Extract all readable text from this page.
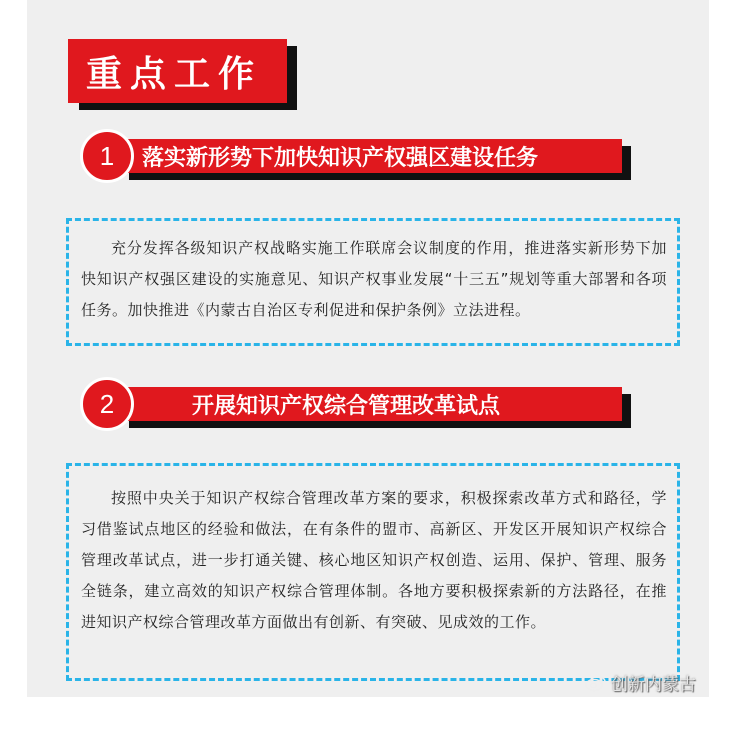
重点工作
落实新形势下加快知识产权强区建设任务
1

充分发挥各级知识产权战略实施工作联席会议制度的作用，推进落实新形势下加快知识产权强区建设的实施意见、知识产权事业发展“十三五”规划等重大部署和各项任务。加快推进《内蒙古自治区专利促进和保护条例》立法进程。

开展知识产权综合管理改革试点
2

按照中央关于知识产权综合管理改革方案的要求，积极探索改革方式和路径，学习借鉴试点地区的经验和做法，在有条件的盟市、高新区、开发区开展知识产权综合管理改革试点，进一步打通关键、核心地区知识产权创造、运用、保护、管理、服务全链条，建立高效的知识产权综合管理体制。各地方要积极探索新的方法路径，在推进知识产权综合管理改革方面做出有创新、有突破、见成效的工作。

创新内蒙古
